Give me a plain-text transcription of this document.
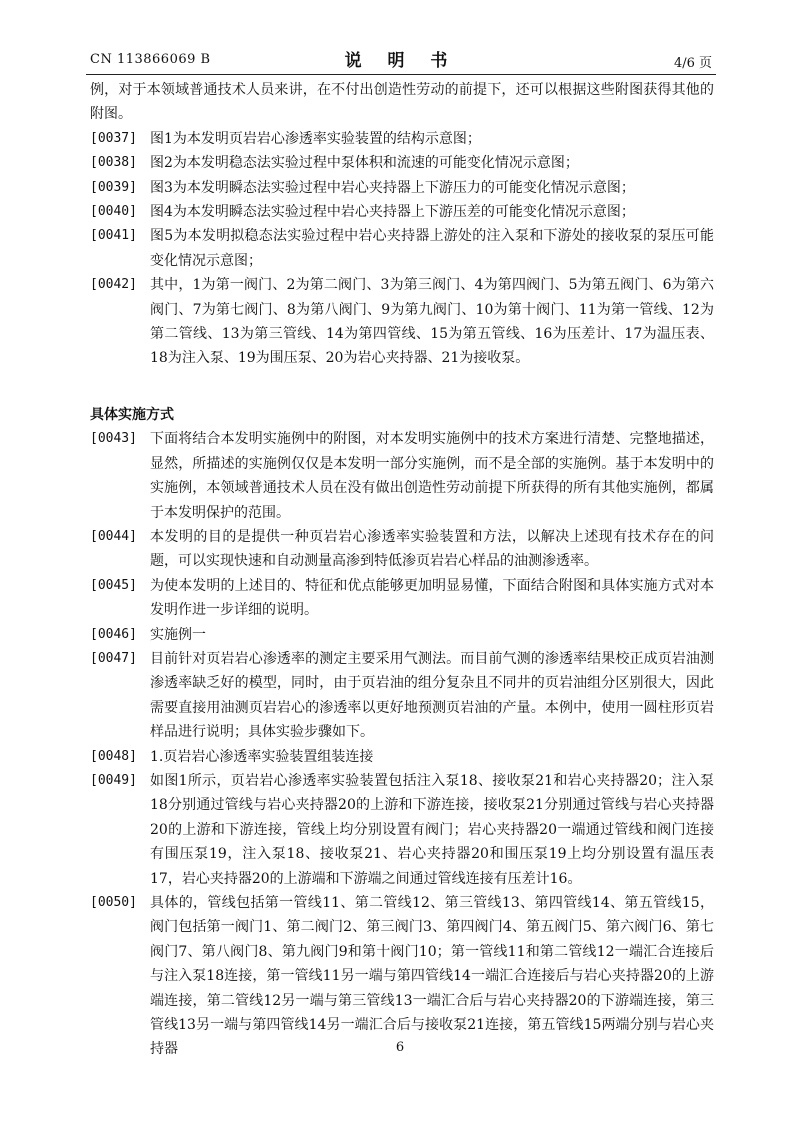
CN 113866069 B	说 明 书	4/6 页

例，对于本领域普通技术人员来讲，在不付出创造性劳动的前提下，还可以根据这些附图获得其他的附图。

[0037] 图1为本发明页岩岩心渗透率实验装置的结构示意图；
[0038] 图2为本发明稳态法实验过程中泵体积和流速的可能变化情况示意图；
[0039] 图3为本发明瞬态法实验过程中岩心夹持器上下游压力的可能变化情况示意图；
[0040] 图4为本发明瞬态法实验过程中岩心夹持器上下游压差的可能变化情况示意图；
[0041] 图5为本发明拟稳态法实验过程中岩心夹持器上游处的注入泵和下游处的接收泵的泵压可能变化情况示意图；
[0042] 其中，1为第一阀门、2为第二阀门、3为第三阀门、4为第四阀门、5为第五阀门、6为第六阀门、7为第七阀门、8为第八阀门、9为第九阀门、10为第十阀门、11为第一管线、12为第二管线、13为第三管线、14为第四管线、15为第五管线、16为压差计、17为温压表、18为注入泵、19为围压泵、20为岩心夹持器、21为接收泵。
具体实施方式
[0043] 下面将结合本发明实施例中的附图，对本发明实施例中的技术方案进行清楚、完整地描述，显然，所描述的实施例仅仅是本发明一部分实施例，而不是全部的实施例。基于本发明中的实施例，本领域普通技术人员在没有做出创造性劳动前提下所获得的所有其他实施例，都属于本发明保护的范围。
[0044] 本发明的目的是提供一种页岩岩心渗透率实验装置和方法，以解决上述现有技术存在的问题，可以实现快速和自动测量高渗到特低渗页岩岩心样品的油测渗透率。
[0045] 为使本发明的上述目的、特征和优点能够更加明显易懂，下面结合附图和具体实施方式对本发明作进一步详细的说明。
[0046] 实施例一
[0047] 目前针对页岩岩心渗透率的测定主要采用气测法。而目前气测的渗透率结果校正成页岩油测渗透率缺乏好的模型，同时，由于页岩油的组分复杂且不同井的页岩油组分区别很大，因此需要直接用油测页岩岩心的渗透率以更好地预测页岩油的产量。本例中，使用一圆柱形页岩样品进行说明；具体实验步骤如下。
[0048] 1.页岩岩心渗透率实验装置组装连接
[0049] 如图1所示，页岩岩心渗透率实验装置包括注入泵18、接收泵21和岩心夹持器20；注入泵18分别通过管线与岩心夹持器20的上游和下游连接，接收泵21分别通过管线与岩心夹持器20的上游和下游连接，管线上均分别设置有阀门；岩心夹持器20一端通过管线和阀门连接有围压泵19，注入泵18、接收泵21、岩心夹持器20和围压泵19上均分别设置有温压表17，岩心夹持器20的上游端和下游端之间通过管线连接有压差计16。
[0050] 具体的，管线包括第一管线11、第二管线12、第三管线13、第四管线14、第五管线15，阀门包括第一阀门1、第二阀门2、第三阀门3、第四阀门4、第五阀门5、第六阀门6、第七阀门7、第八阀门8、第九阀门9和第十阀门10；第一管线11和第二管线12一端汇合连接后与注入泵18连接，第一管线11另一端与第四管线14一端汇合连接后与岩心夹持器20的上游端连接，第二管线12另一端与第三管线13一端汇合后与岩心夹持器20的下游端连接，第三管线13另一端与第四管线14另一端汇合后与接收泵21连接，第五管线15两端分别与岩心夹持器	6
